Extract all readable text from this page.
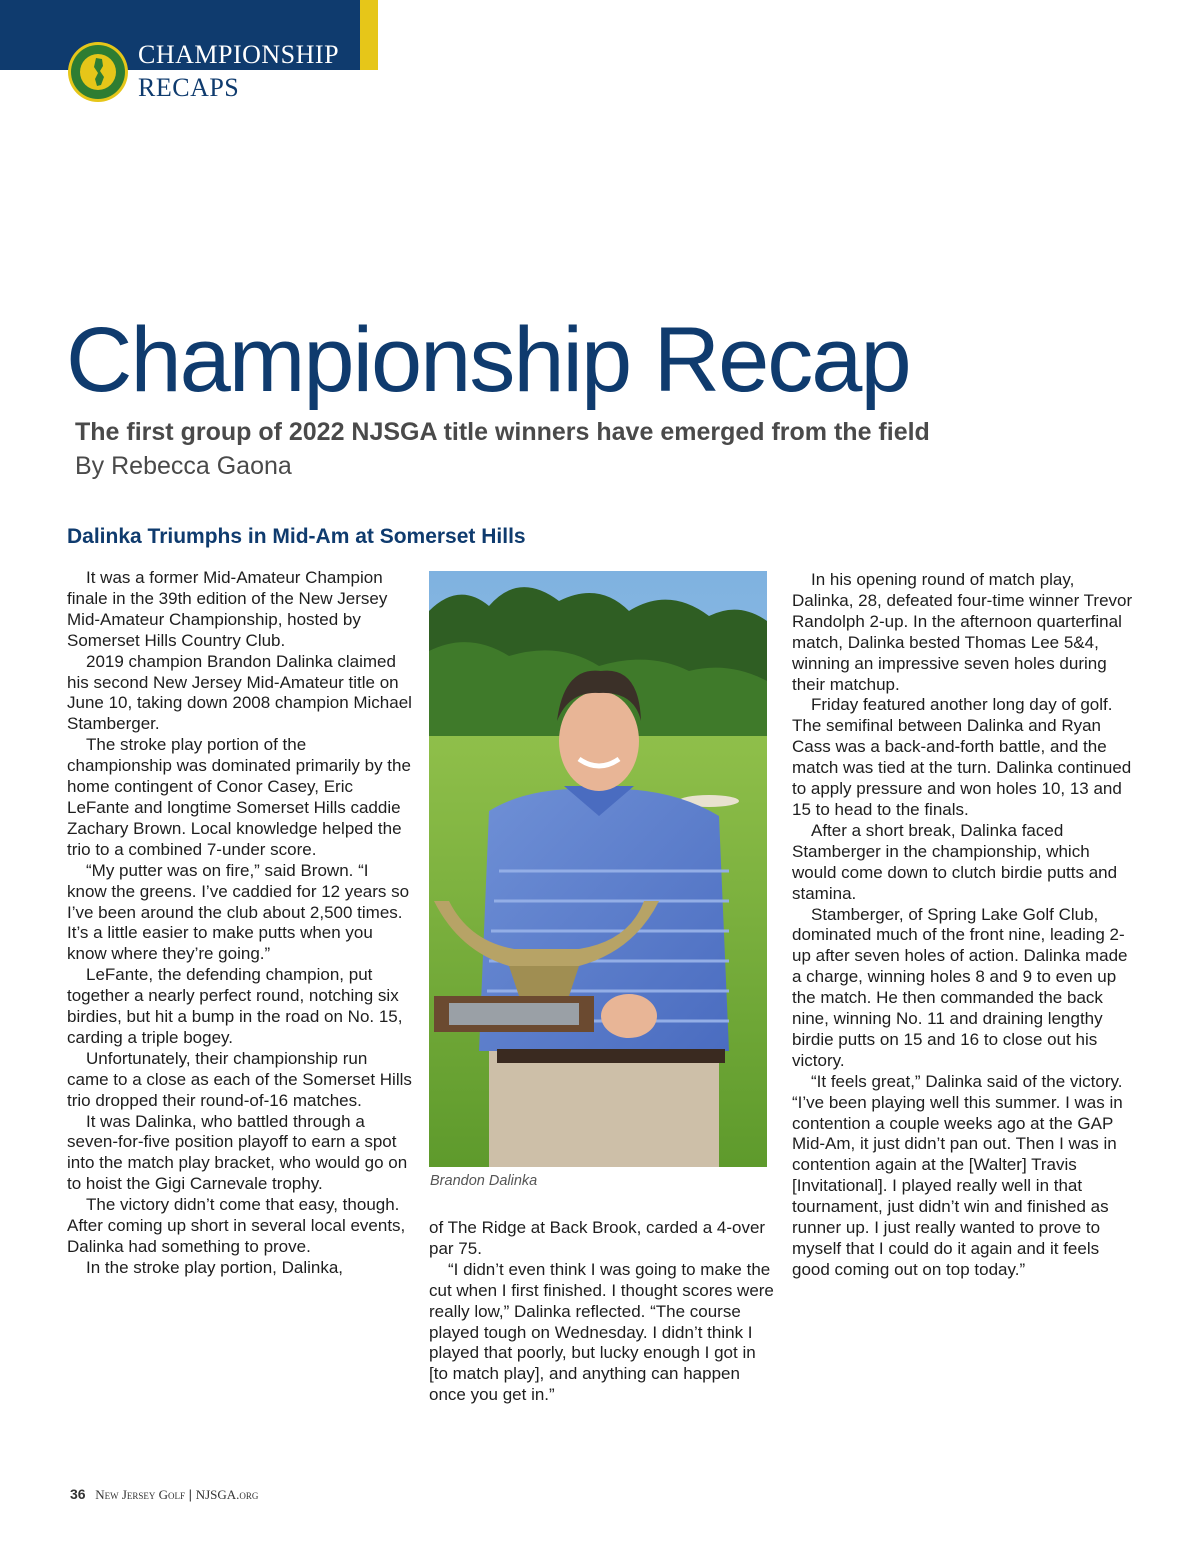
CHAMPIONSHIP
RECAPS
Championship Recap
The first group of 2022 NJSGA title winners have emerged from the field
By Rebecca Gaona
Dalinka Triumphs in Mid-Am at Somerset Hills

It was a former Mid-Amateur Champion finale in the 39th edition of the New Jersey Mid-Amateur Championship, hosted by Somerset Hills Country Club.

2019 champion Brandon Dalinka claimed his second New Jersey Mid-Amateur title on June 10, taking down 2008 champion Michael Stamberger.

The stroke play portion of the championship was dominated primarily by the home contingent of Conor Casey, Eric LeFante and longtime Somerset Hills caddie Zachary Brown. Local knowledge helped the trio to a combined 7-under score.

“My putter was on fire,” said Brown. “I know the greens. I’ve caddied for 12 years so I’ve been around the club about 2,500 times. It’s a little easier to make putts when you know where they’re going.”

LeFante, the defending champion, put together a nearly perfect round, notching six birdies, but hit a bump in the road on No. 15, carding a triple bogey.

Unfortunately, their championship run came to a close as each of the Somerset Hills trio dropped their round-of-16 matches.

It was Dalinka, who battled through a seven-for-five position playoff to earn a spot into the match play bracket, who would go on to hoist the Gigi Carnevale trophy.

The victory didn’t come that easy, though. After coming up short in several local events, Dalinka had something to prove.

In the stroke play portion, Dalinka,

Brandon Dalinka

of The Ridge at Back Brook, carded a 4-over par 75.

“I didn’t even think I was going to make the cut when I first finished. I thought scores were really low,” Dalinka reflected. “The course played tough on Wednesday. I didn’t think I played that poorly, but lucky enough I got in [to match play], and anything can happen once you get in.”

In his opening round of match play, Dalinka, 28, defeated four-time winner Trevor Randolph 2-up. In the afternoon quarterfinal match, Dalinka bested Thomas Lee 5&4, winning an impressive seven holes during their matchup.

Friday featured another long day of golf. The semifinal between Dalinka and Ryan Cass was a back-and-forth battle, and the match was tied at the turn. Dalinka continued to apply pressure and won holes 10, 13 and 15 to head to the finals.

After a short break, Dalinka faced Stamberger in the championship, which would come down to clutch birdie putts and stamina.

Stamberger, of Spring Lake Golf Club, dominated much of the front nine, leading 2-up after seven holes of action. Dalinka made a charge, winning holes 8 and 9 to even up the match. He then commanded the back nine, winning No. 11 and draining lengthy birdie putts on 15 and 16 to close out his victory.

“It feels great,” Dalinka said of the victory. “I’ve been playing well this summer. I was in contention a couple weeks ago at the GAP Mid-Am, it just didn’t pan out. Then I was in contention again at the [Walter] Travis [Invitational]. I played really well in that tournament, just didn’t win and finished as runner up. I just really wanted to prove to myself that I could do it again and it feels good coming out on top today.”

36 New Jersey Golf | NJSGA.org
